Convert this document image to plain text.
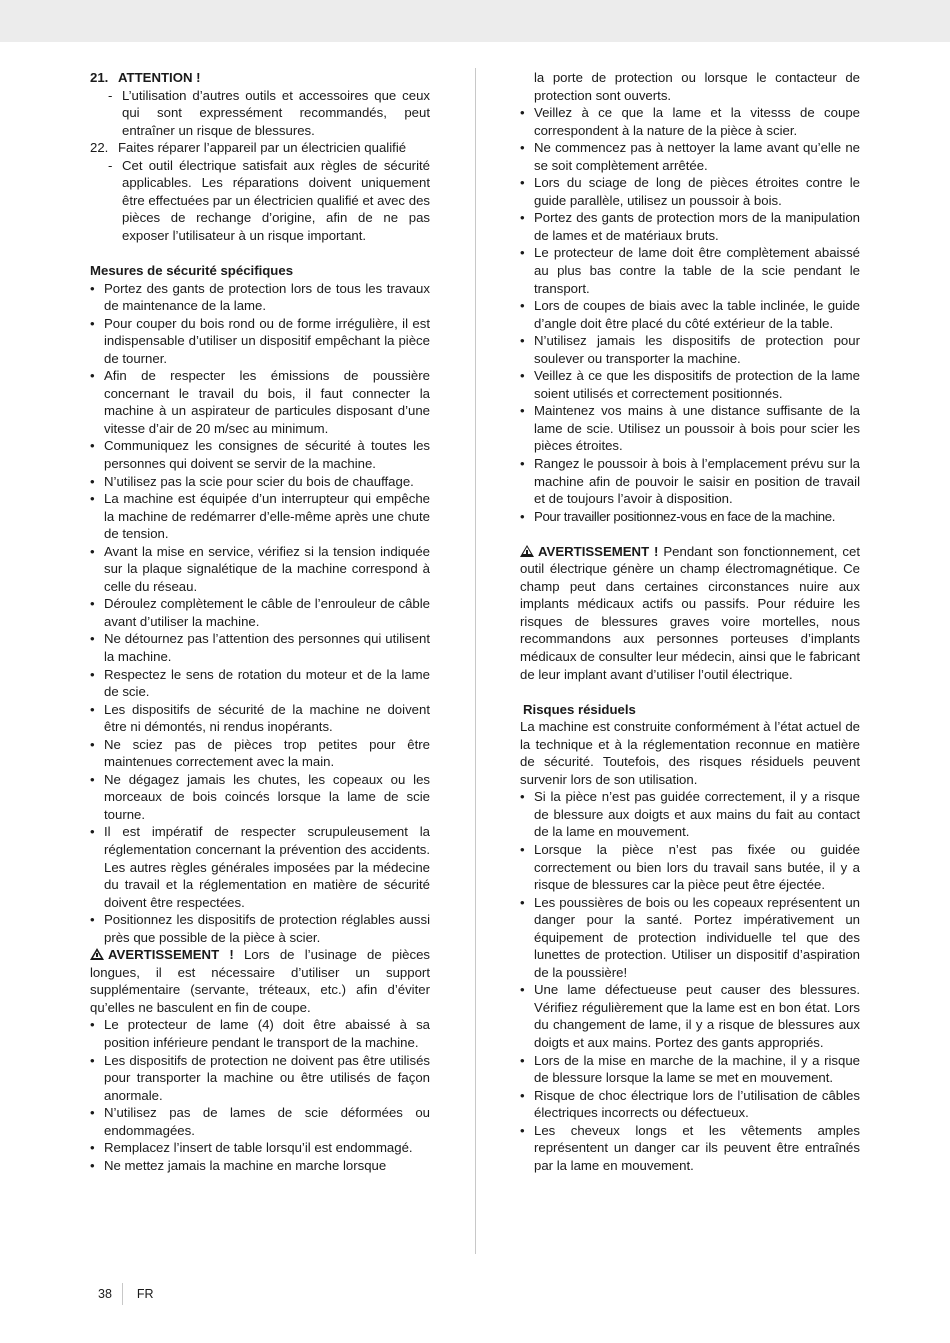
21. ATTENTION !
- L’utilisation d’autres outils et accessoires que ceux qui sont expressément recommandés, peut entraîner un risque de blessures.
22. Faites réparer l’appareil par un électricien qualifié
- Cet outil électrique satisfait aux règles de sécurité applicables. Les réparations doivent uniquement être effectuées par un électricien qualifié et avec des pièces de rechange d’origine, afin de ne pas exposer l’utilisateur à un risque important.

Mesures de sécurité spécifiques

• Portez des gants de protection lors de tous les travaux de maintenance de la lame.
• Pour couper du bois rond ou de forme irrégulière, il est indispensable d’utiliser un dispositif empêchant la pièce de tourner.
• Afin de respecter les émissions de poussière concernant le travail du bois, il faut connecter la machine à un aspirateur de particules disposant d’une vitesse d’air de 20 m/sec au minimum.
• Communiquez les consignes de sécurité à toutes les personnes qui doivent se servir de la machine.
• N’utilisez pas la scie pour scier du bois de chauffage.
• La machine est équipée d’un interrupteur qui empêche la machine de redémarrer d’elle-même après une chute de tension.
• Avant la mise en service, vérifiez si la tension indiquée sur la plaque signalétique de la machine correspond à celle du réseau.
• Déroulez complètement le câble de l’enrouleur de câble avant d’utiliser la machine.
• Ne détournez pas l’attention des personnes qui utilisent la machine.
• Respectez le sens de rotation du moteur et de la lame de scie.
• Les dispositifs de sécurité de la machine ne doivent être ni démontés, ni rendus inopérants.
• Ne sciez pas de pièces trop petites pour être maintenues correctement avec la main.
• Ne dégagez jamais les chutes, les copeaux ou les morceaux de bois coincés lorsque la lame de scie tourne.
• Il est impératif de respecter scrupuleusement la réglementation concernant la prévention des accidents. Les autres règles générales imposées par la médecine du travail et la réglementation en matière de sécurité doivent être respectées.
• Positionnez les dispositifs de protection réglables aussi près que possible de la pièce à scier.

AVERTISSEMENT ! Lors de l’usinage de pièces longues, il est nécessaire d’utiliser un support supplémentaire (servante, tréteaux, etc.) afin d’éviter qu’elles ne basculent en fin de coupe.

• Le protecteur de lame (4) doit être abaissé à sa position inférieure pendant le transport de la machine.
• Les dispositifs de protection ne doivent pas être utilisés pour transporter la machine ou être utilisés de façon anormale.
• N’utilisez pas de lames de scie déformées ou endommagées.
• Remplacez l’insert de table lorsqu’il est endommagé.
• Ne mettez jamais la machine en marche lorsque

la porte de protection ou lorsque le contacteur de protection sont ouverts.

• Veillez à ce que la lame et la vitesss de coupe correspondent à la nature de la pièce à scier.
• Ne commencez pas à nettoyer la lame avant qu’elle ne se soit complètement arrêtée.
• Lors du sciage de long de pièces étroites contre le guide parallèle, utilisez un poussoir à bois.
• Portez des gants de protection mors de la manipulation de lames et de matériaux bruts.
• Le protecteur de lame doit être complètement abaissé au plus bas contre la table de la scie pendant le transport.
• Lors de coupes de biais avec la table inclinée, le guide d’angle doit être placé du côté extérieur de la table.
• N’utilisez jamais les dispositifs de protection pour soulever ou transporter la machine.
• Veillez à ce que les dispositifs de protection de la lame soient utilisés et correctement positionnés.
• Maintenez vos mains à une distance suffisante de la lame de scie. Utilisez un poussoir à bois pour scier les pièces étroites.
• Rangez le poussoir à bois à l’emplacement prévu sur la machine afin de pouvoir le saisir en position de travail et de toujours l’avoir à disposition.
• Pour travailler positionnez-vous en face de la machine.

AVERTISSEMENT ! Pendant son fonctionnement, cet outil électrique génère un champ électromagnétique. Ce champ peut dans certaines circonstances nuire aux implants médicaux actifs ou passifs. Pour réduire les risques de blessures graves voire mortelles, nous recommandons aux personnes porteuses d’implants médicaux de consulter leur médecin, ainsi que le fabricant de leur implant avant d’utiliser l’outil électrique.

Risques résiduels

La machine est construite conformément à l’état actuel de la technique et à la réglementation reconnue en matière de sécurité. Toutefois, des risques résiduels peuvent survenir lors de son utilisation.

• Si la pièce n’est pas guidée correctement, il y a risque de blessure aux doigts et aux mains du fait au contact de la lame en mouvement.
• Lorsque la pièce n’est pas fixée ou guidée correctement ou bien lors du travail sans butée, il y a risque de blessures car la pièce peut être éjectée.
• Les poussières de bois ou les copeaux représentent un danger pour la santé. Portez impérativement un équipement de protection individuelle tel que des lunettes de protection. Utiliser un dispositif d’aspiration de la poussière!
• Une lame défectueuse peut causer des blessures. Vérifiez régulièrement que la lame est en bon état. Lors du changement de lame, il y a risque de blessures aux doigts et aux mains. Portez des gants appropriés.
• Lors de la mise en marche de la machine, il y a risque de blessure lorsque la lame se met en mouvement.
• Risque de choc électrique lors de l’utilisation de câbles électriques incorrects ou défectueux.
• Les cheveux longs et les vêtements amples représentent un danger car ils peuvent être entraînés par la lame en mouvement.
38 FR
